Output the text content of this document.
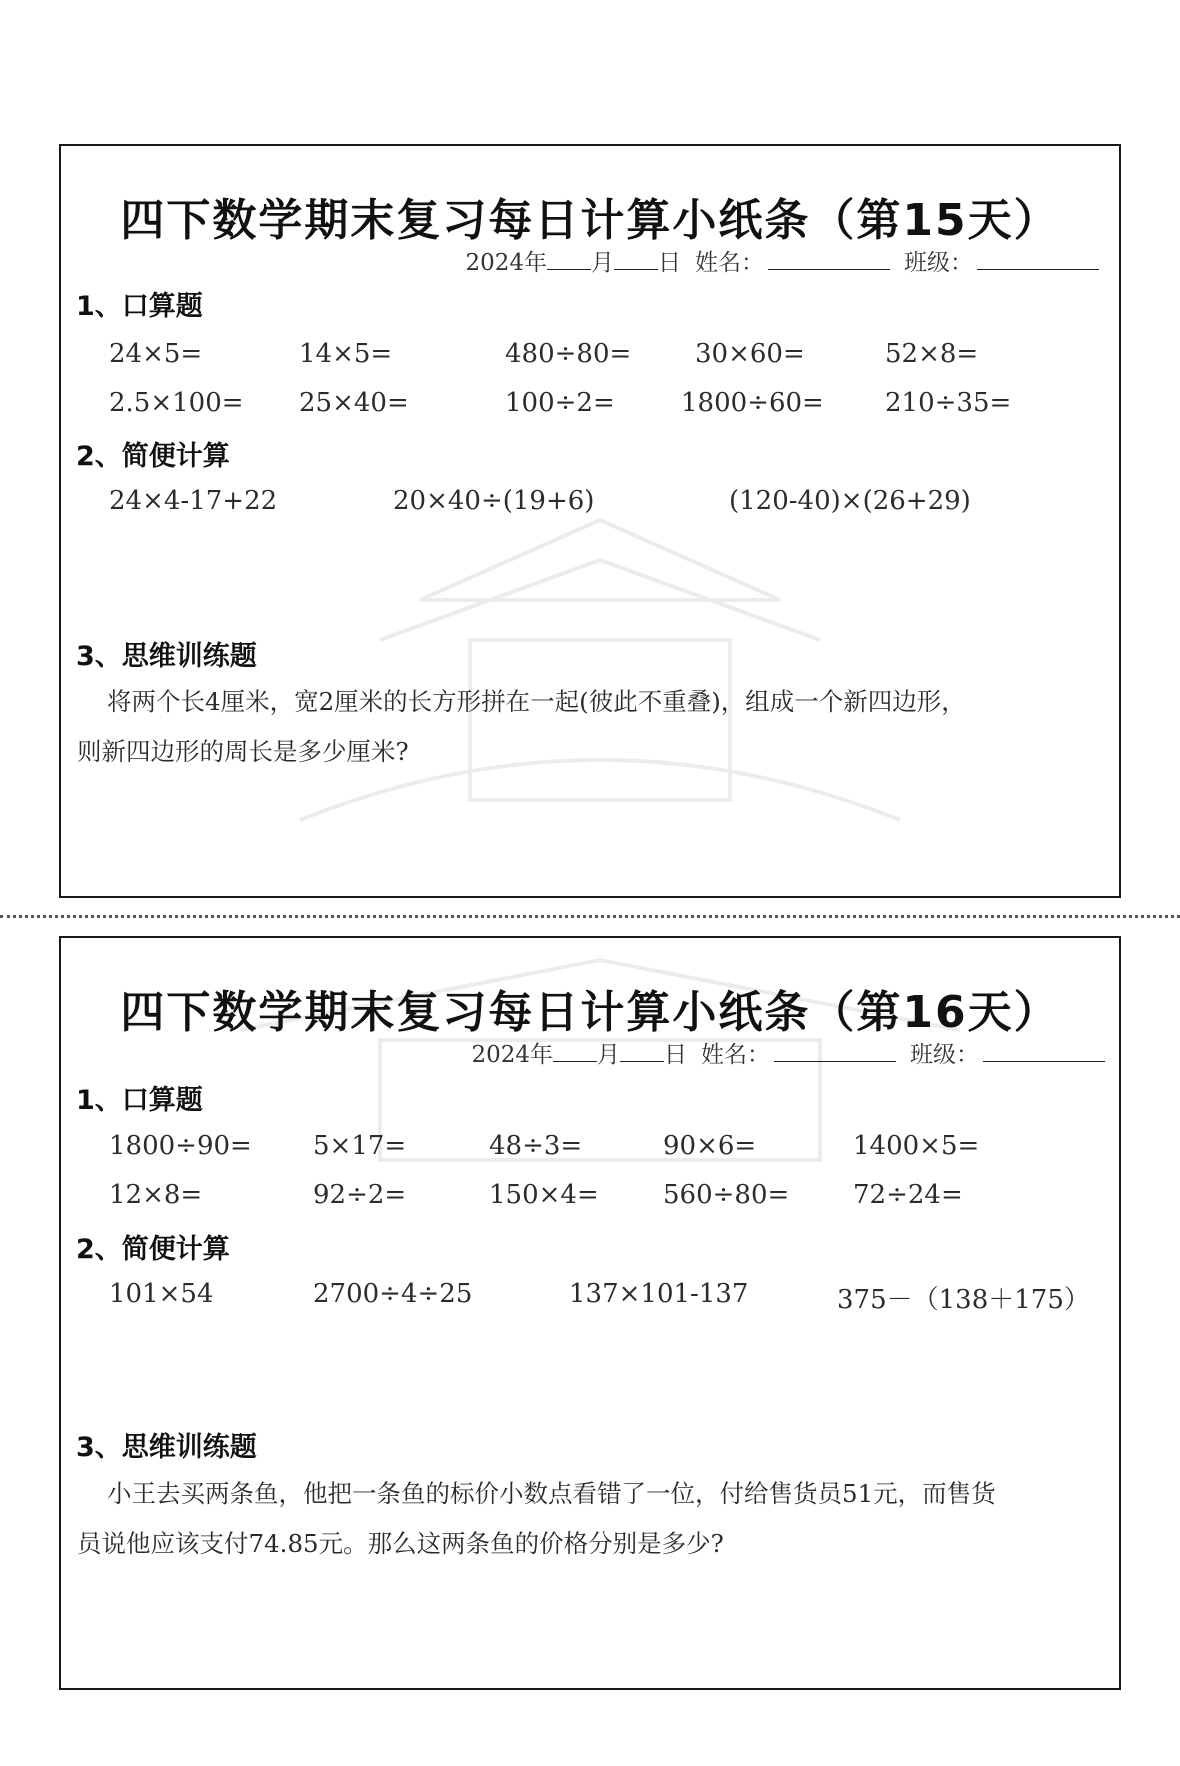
四下数学期末复习每日计算小纸条（第15天）
2024年 月 日 姓名：	班级：
1、口算题
24×5=	14×5=	480÷80= 30×60=	52×8=
2.5×100= 25×40=	100÷2=	1800÷60= 210÷35=
2、简便计算
24×4-17+22	20×40÷(19+6)	(120-40)×(26+29)
3、思维训练题
将两个长4厘米，宽2厘米的长方形拼在一起(彼此不重叠)，组成一个新四边形，
则新四边形的周长是多少厘米?
四下数学期末复习每日计算小纸条（第16天）
2024年 月 日 姓名：	班级：
1、口算题
1800÷90= 5×17=	48÷3=	90×6=	1400×5=
12×8=	92÷2=	150×4= 560÷80= 72÷24=
2、简便计算
101×54	2700÷4÷25	137×101-137	375－（138＋175）
3、思维训练题
小王去买两条鱼，他把一条鱼的标价小数点看错了一位，付给售货员51元，而售货
员说他应该支付74.85元。那么这两条鱼的价格分别是多少?
